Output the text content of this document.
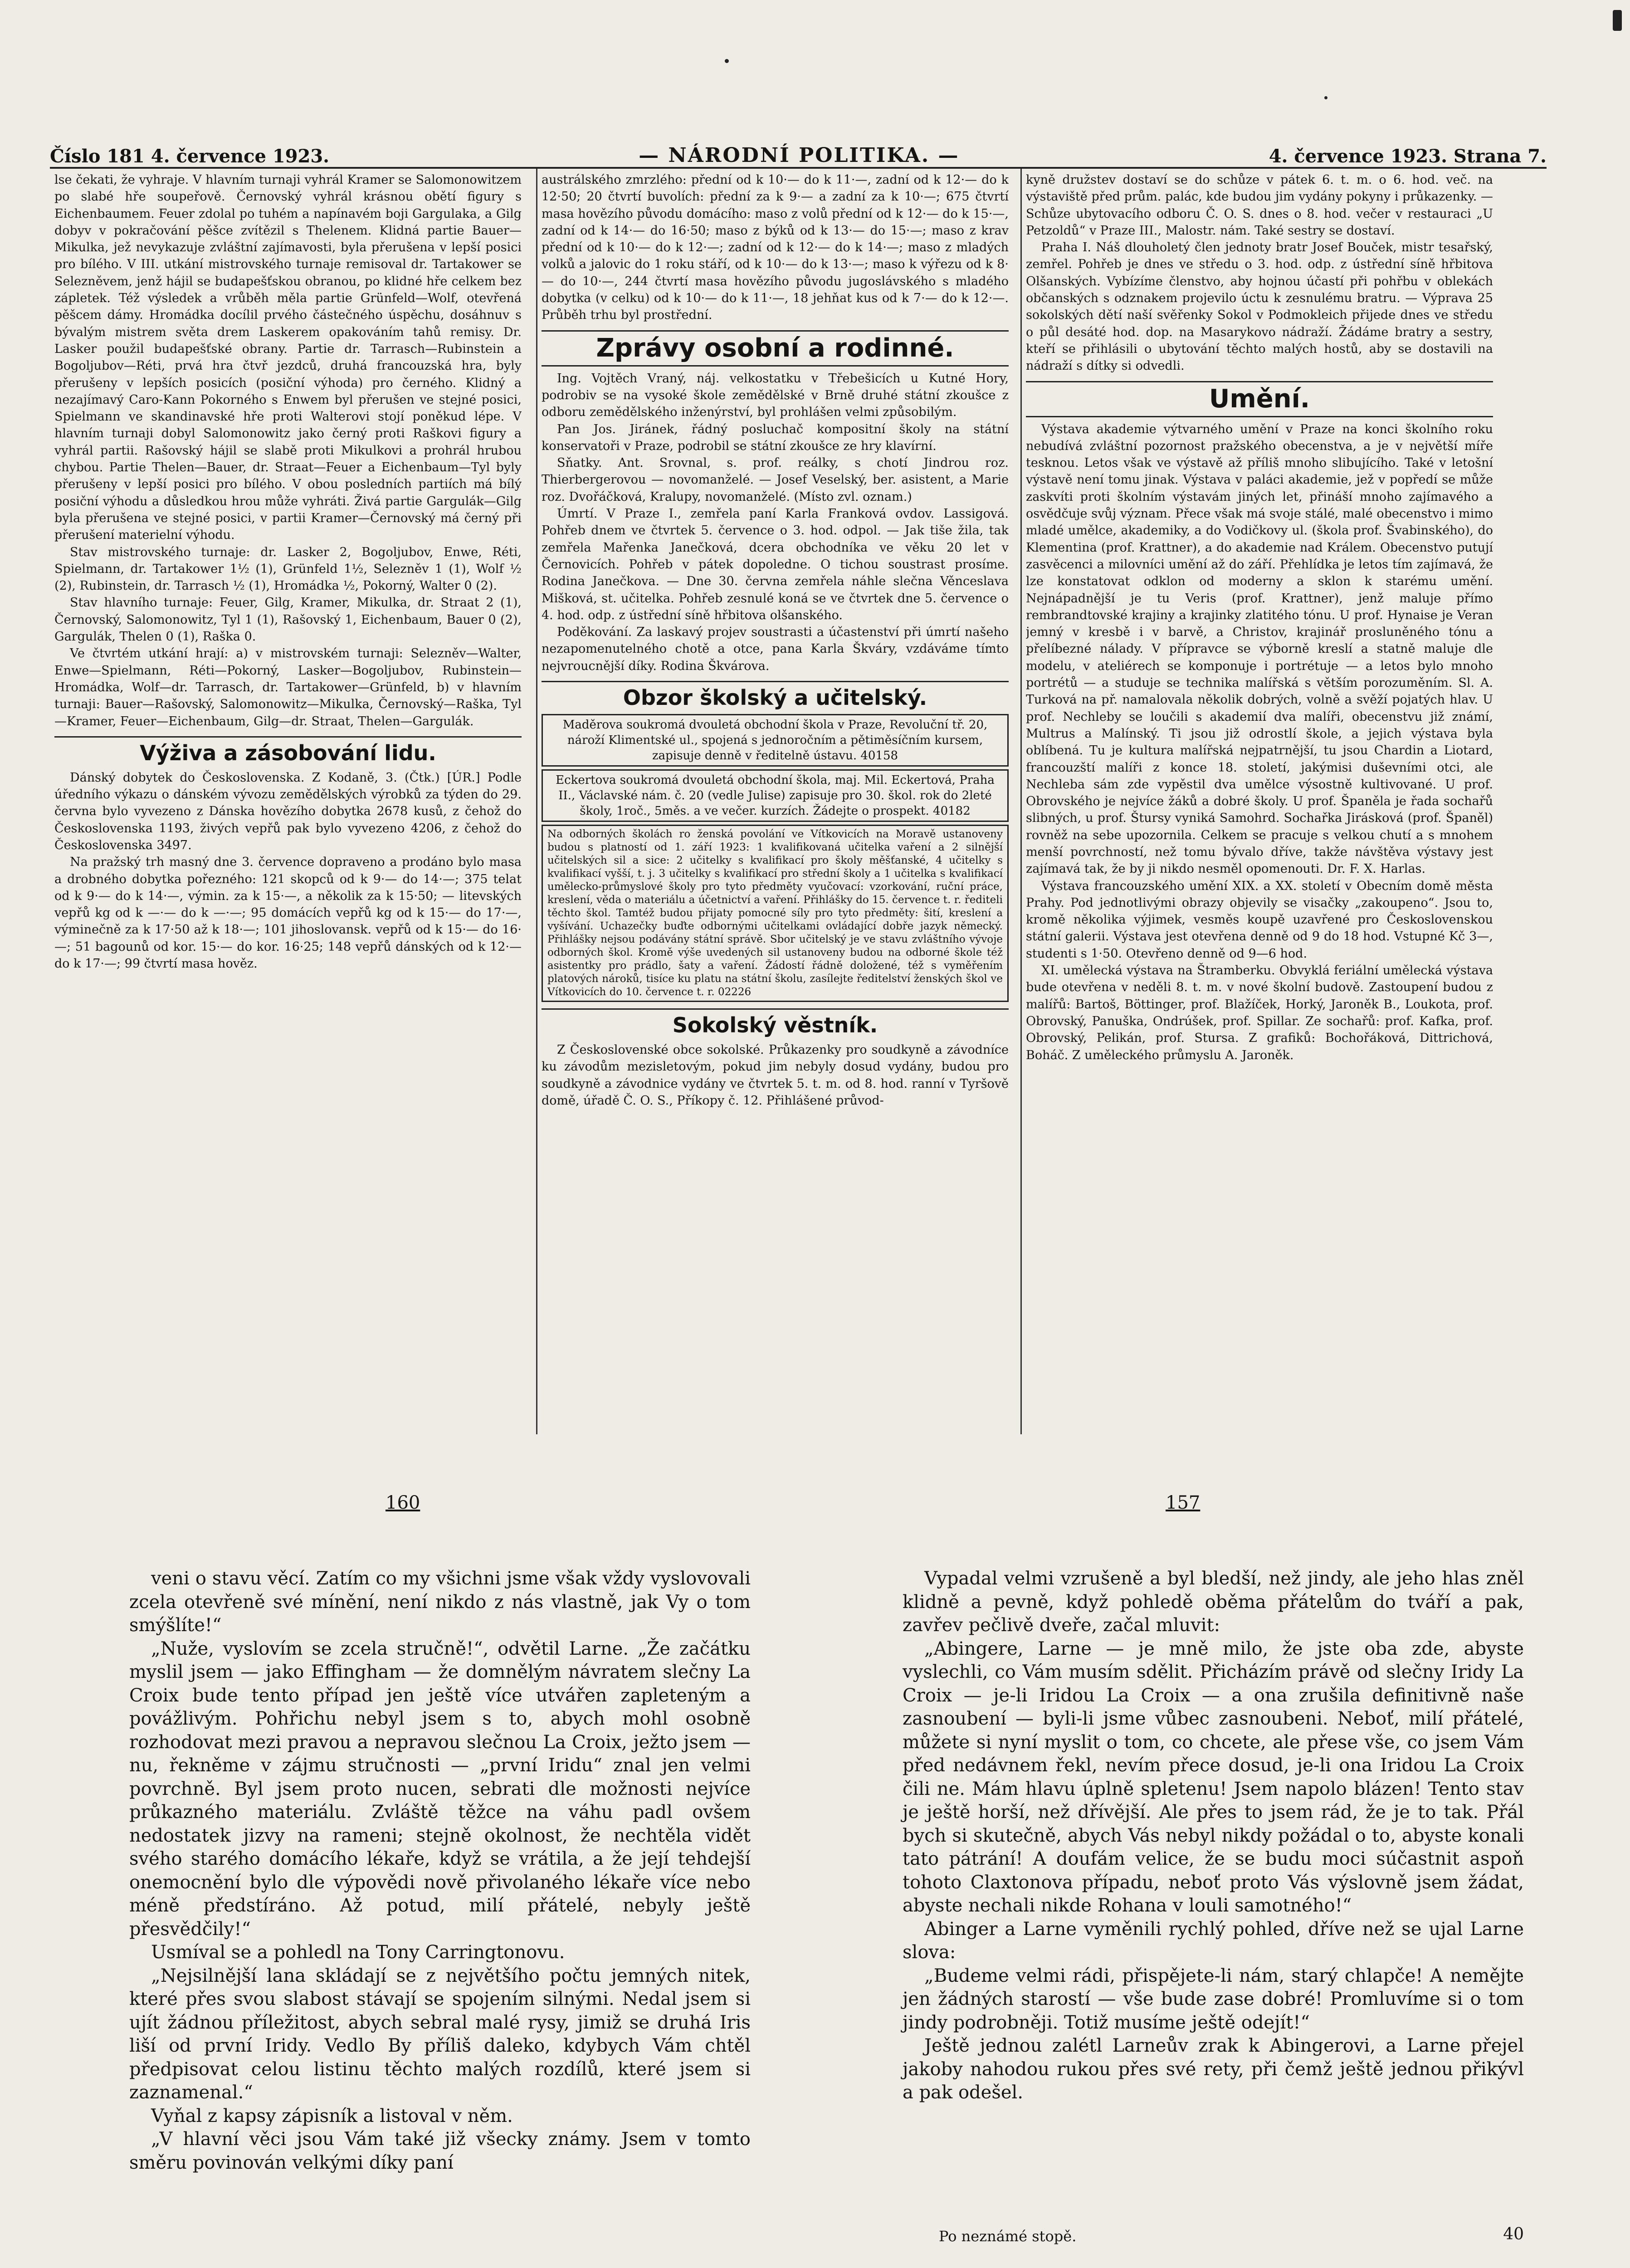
Číslo 181 4. července 1923.	— NÁRODNÍ POLITIKA. —	4. července 1923. Strana 7.

lse čekati, že vyhraje. V hlavním turnaji vyhrál Kramer se Salomonowitzem po slabé hře soupeřově. Černovský vyhrál krásnou obětí figury s Eichenbaumem. Feuer zdolal po tuhém a napínavém boji Gargulaka, a Gilg dobyv v pokračování pěšce zvítězil s Thelenem. Klidná partie Bauer—Mikulka, jež nevykazuje zvláštní zajímavosti, byla přerušena v lepší posici pro bílého. V III. utkání mistrovského turnaje remisoval dr. Tartakower se Selezněvem, jenž hájil se budapešťskou obranou, po klidné hře celkem bez zápletek. Též výsledek a vrůběh měla partie Grünfeld—Wolf, otevřená pěšcem dámy. Hromádka docílil prvého částečného úspěchu, dosáhnuv s bývalým mistrem světa drem Laskerem opakováním tahů remisy. Dr. Lasker použil budapešťské obrany. Partie dr. Tarrasch—Rubinstein a Bogoljubov—Réti, prvá hra čtvř jezdců, druhá francouzská hra, byly přerušeny v lepších posicích (posiční výhoda) pro černého. Klidný a nezajímavý Caro-Kann Pokorného s Enwem byl přerušen ve stejné posici, Spielmann ve skandinavské hře proti Walterovi stojí poněkud lépe. V hlavním turnaji dobyl Salomonowitz jako černý proti Raškovi figury a vyhrál partii. Rašovský hájil se slabě proti Mikulkovi a prohrál hrubou chybou. Partie Thelen—Bauer, dr. Straat—Feuer a Eichenbaum—Tyl byly přerušeny v lepší posici pro bílého. V obou posledních partiích má bílý posiční výhodu a důsledkou hrou může vyhráti. Živá partie Gargulák—Gilg byla přerušena ve stejné posici, v partii Kramer—Černovský má černý při přerušení materielní výhodu.

Stav mistrovského turnaje: dr. Lasker 2, Bogoljubov, Enwe, Réti, Spielmann, dr. Tartakower 1½ (1), Grünfeld 1½, Selezněv 1 (1), Wolf ½ (2), Rubinstein, dr. Tarrasch ½ (1), Hromádka ½, Pokorný, Walter 0 (2).

Stav hlavního turnaje: Feuer, Gilg, Kramer, Mikulka, dr. Straat 2 (1), Černovský, Salomonowitz, Tyl 1 (1), Rašovský 1, Eichenbaum, Bauer 0 (2), Gargulák, Thelen 0 (1), Raška 0.

Ve čtvrtém utkání hrají: a) v mistrovském turnaji: Selezněv—Walter, Enwe—Spielmann, Réti—Pokorný, Lasker—Bogoljubov, Rubinstein—Hromádka, Wolf—dr. Tarrasch, dr. Tartakower—Grünfeld, b) v hlavním turnaji: Bauer—Rašovský, Salomonowitz—Mikulka, Černovský—Raška, Tyl—Kramer, Feuer—Eichenbaum, Gilg—dr. Straat, Thelen—Gargulák.

Výživa a zásobování lidu.

Dánský dobytek do Československa. Z Kodaně, 3. (Čtk.) [ÚR.] Podle úředního výkazu o dánském vývozu zemědělských výrobků za týden do 29. června bylo vyvezeno z Dánska hovězího dobytka 2678 kusů, z čehož do Československa 1193, živých vepřů pak bylo vyvezeno 4206, z čehož do Československa 3497.

Na pražský trh masný dne 3. července dopraveno a prodáno bylo masa a drobného dobytka pořezného: 121 skopců od k 9·— do 14·—; 375 telat od k 9·— do k 14·—, výmin. za k 15·—, a několik za k 15·50; — litevských vepřů kg od k —·— do k —·—; 95 domácích vepřů kg od k 15·— do 17·—, výminečně za k 17·50 až k 18·—; 101 jihoslovansk. vepřů od k 15·— do 16·—; 51 bagounů od kor. 15·— do kor. 16·25; 148 vepřů dánských od k 12·— do k 17·—; 99 čtvrtí masa hověz.

austrálského zmrzlého: přední od k 10·— do k 11·—, zadní od k 12·— do k 12·50; 20 čtvrtí buvolích: přední za k 9·— a zadní za k 10·—; 675 čtvrtí masa hovězího původu domácího: maso z volů přední od k 12·— do k 15·—, zadní od k 14·— do 16·50; maso z býků od k 13·— do 15·—; maso z krav přední od k 10·— do k 12·—; zadní od k 12·— do k 14·—; maso z mladých volků a jalovic do 1 roku stáří, od k 10·— do k 13·—; maso k výřezu od k 8·— do 10·—, 244 čtvrtí masa hovězího původu jugoslávského s mladého dobytka (v celku) od k 10·— do k 11·—, 18 jehňat kus od k 7·— do k 12·—. Průběh trhu byl prostřední.

Zprávy osobní a rodinné.

Ing. Vojtěch Vraný, náj. velkostatku v Třebešicích u Kutné Hory, podrobiv se na vysoké škole zemědělské v Brně druhé státní zkoušce z odboru zemědělského inženýrství, byl prohlášen velmi způsobilým.

Pan Jos. Jiránek, řádný posluchač kompositní školy na státní konservatoři v Praze, podrobil se státní zkoušce ze hry klavírní.

Sňatky. Ant. Srovnal, s. prof. reálky, s chotí Jindrou roz. Thierbergerovou — novomanželé. — Josef Veselský, ber. asistent, a Marie roz. Dvořáčková, Kralupy, novomanželé. (Místo zvl. oznam.)

Úmrtí. V Praze I., zemřela paní Karla Franková ovdov. Lassigová. Pohřeb dnem ve čtvrtek 5. července o 3. hod. odpol. — Jak tiše žila, tak zemřela Mařenka Janečková, dcera obchodníka ve věku 20 let v Černovicích. Pohřeb v pátek dopoledne. O tichou soustrast prosíme. Rodina Janečkova. — Dne 30. června zemřela náhle slečna Věnceslava Mišková, st. učitelka. Pohřeb zesnulé koná se ve čtvrtek dne 5. července o 4. hod. odp. z ústřední síně hřbitova olšanského.

Poděkování. Za laskavý projev soustrasti a účastenství při úmrtí našeho nezapomenutelného chotě a otce, pana Karla Škváry, vzdáváme tímto nejvroucnější díky. Rodina Škvárova.

Obzor školský a učitelský.
Maděrova soukromá dvouletá obchodní škola v Praze, Revoluční tř. 20, nároží Klimentské ul., spojená s jednoročním a pětiměsíčním kursem, zapisuje denně v ředitelně ústavu. 40158
Eckertova soukromá dvouletá obchodní škola, maj. Mil. Eckertová, Praha II., Václavské nám. č. 20 (vedle Julise) zapisuje pro 30. škol. rok do 2leté školy, 1roč., 5měs. a ve večer. kurzích. Žádejte o prospekt. 40182
Na odborných školách ro ženská povolání ve Vítkovicích na Moravě ustanoveny budou s platností od 1. září 1923: 1 kvalifikovaná učitelka vaření a 2 silnější učitelských sil a sice: 2 učitelky s kvalifikací pro školy měšťanské, 4 učitelky s kvalifikací vyšší, t. j. 3 učitelky s kvalifikací pro střední školy a 1 učitelka s kvalifikací umělecko-průmyslové školy pro tyto předměty vyučovací: vzorkování, ruční práce, kreslení, věda o materiálu a účetnictví a vaření. Přihlášky do 15. července t. r. řediteli těchto škol. Tamtéž budou přijaty pomocné síly pro tyto předměty: šití, kreslení a vyšívání. Uchazečky buďte odbornými učitelkami ovládající dobře jazyk německý. Přihlášky nejsou podávány státní správě. Sbor učitelský je ve stavu zvláštního vývoje odborných škol. Kromě výše uvedených sil ustanoveny budou na odborné škole též asistentky pro prádlo, šaty a vaření. Žádostí řádně doložené, též s vyměřením platových nároků, tisíce ku platu na státní školu, zasílejte ředitelství ženských škol ve Vítkovicích do 10. července t. r. 02226
Sokolský věstník.

Z Československé obce sokolské. Průkazenky pro soudkyně a závodníce ku závodům mezisletovým, pokud jim nebyly dosud vydány, budou pro soudkyně a závodnice vydány ve čtvrtek 5. t. m. od 8. hod. ranní v Tyršově domě, úřadě Č. O. S., Příkopy č. 12. Přihlášené průvod-

kyně družstev dostaví se do schůze v pátek 6. t. m. o 6. hod. več. na výstaviště před prům. palác, kde budou jim vydány pokyny i průkazenky. — Schůze ubytovacího odboru Č. O. S. dnes o 8. hod. večer v restauraci „U Petzoldů“ v Praze III., Malostr. nám. Také sestry se dostaví.

Praha I. Náš dlouholetý člen jednoty bratr Josef Bouček, mistr tesařský, zemřel. Pohřeb je dnes ve středu o 3. hod. odp. z ústřední síně hřbitova Olšanských. Vybízíme členstvo, aby hojnou účastí při pohřbu v oblekách občanských s odznakem projevilo úctu k zesnulému bratru. — Výprava 25 sokolských dětí naší svěřenky Sokol v Podmokleich přijede dnes ve středu o půl desáté hod. dop. na Masarykovo nádraží. Žádáme bratry a sestry, kteří se přihlásili o ubytování těchto malých hostů, aby se dostavili na nádraží s dítky si odvedli.

Umění.

Výstava akademie výtvarného umění v Praze na konci školního roku nebudívá zvláštní pozornost pražského obecenstva, a je v největší míře tesknou. Letos však ve výstavě až příliš mnoho slibujícího. Také v letošní výstavě není tomu jinak. Výstava v paláci akademie, jež v popředí se může zaskvíti proti školním výstavám jiných let, přináší mnoho zajímavého a osvědčuje svůj význam. Přece však má svoje stálé, malé obecenstvo i mimo mladé umělce, akademiky, a do Vodičkovy ul. (škola prof. Švabinského), do Klementina (prof. Krattner), a do akademie nad Králem. Obecenstvo putují zasvěcenci a milovníci umění až do září. Přehlídka je letos tím zajímavá, že lze konstatovat odklon od moderny a sklon k starému umění. Nejnápadnější je tu Veris (prof. Krattner), jenž maluje přímo rembrandtovské krajiny a krajinky zlatitého tónu. U prof. Hynaise je Veran jemný v kresbě i v barvě, a Christov, krajinář prosluněného tónu a přelíbezné nálady. V přípravce se výborně kreslí a statně maluje dle modelu, v ateliérech se komponuje i portrétuje — a letos bylo mnoho portrétů — a studuje se technika malířská s větším porozuměním. Sl. A. Turková na př. namalovala několik dobrých, volně a svěží pojatých hlav. U prof. Nechleby se loučili s akademií dva malíři, obecenstvu již známí, Multrus a Malínský. Ti jsou již odrostlí škole, a jejich výstava byla oblíbená. Tu je kultura malířská nejpatrnější, tu jsou Chardin a Liotard, francouzští malíři z konce 18. století, jakýmisi duševními otci, ale Nechleba sám zde vypěstil dva umělce výsostně kultivované. U prof. Obrovského je nejvíce žáků a dobré školy. U prof. Španěla je řada sochařů slibných, u prof. Štursy vyniká Samohrd. Sochařka Jirásková (prof. Španěl) rovněž na sebe upozornila. Celkem se pracuje s velkou chutí a s mnohem menší povrchností, než tomu bývalo dříve, takže návštěva výstavy jest zajímavá tak, že by ji nikdo nesměl opomenouti. Dr. F. X. Harlas.

Výstava francouzského umění XIX. a XX. století v Obecním domě města Prahy. Pod jednotlivými obrazy objevily se visačky „zakoupeno“. Jsou to, kromě několika výjimek, vesměs koupě uzavřené pro Československou státní galerii. Výstava jest otevřena denně od 9 do 18 hod. Vstupné Kč 3—, studenti s 1·50. Otevřeno denně od 9—6 hod.

XI. umělecká výstava na Štramberku. Obvyklá feriální umělecká výstava bude otevřena v neděli 8. t. m. v nové školní budově. Zastoupení budou z malířů: Bartoš, Böttinger, prof. Blažíček, Horký, Jaroněk B., Loukota, prof. Obrovský, Panuška, Ondrúšek, prof. Spillar. Ze sochařů: prof. Kafka, prof. Obrovský, Pelikán, prof. Stursa. Z grafiků: Bochořáková, Dittrichová, Boháč. Z uměleckého průmyslu A. Jaroněk.

160	157

veni o stavu věcí. Zatím co my všichni jsme však vždy vyslovovali zcela otevřeně své mínění, není nikdo z nás vlastně, jak Vy o tom smýšlíte!“

„Nuže, vyslovím se zcela stručně!“, odvětil Larne. „Že začátku myslil jsem — jako Effingham — že domnělým návratem slečny La Croix bude tento případ jen ještě více utvářen zapleteným a povážlivým. Pohřichu nebyl jsem s to, abych mohl osobně rozhodovat mezi pravou a nepravou slečnou La Croix, ježto jsem — nu, řekněme v zájmu stručnosti — „první Iridu“ znal jen velmi povrchně. Byl jsem proto nucen, sebrati dle možnosti nejvíce průkazného materiálu. Zvláště těžce na váhu padl ovšem nedostatek jizvy na rameni; stejně okolnost, že nechtěla vidět svého starého domácího lékaře, když se vrátila, a že její tehdejší onemocnění bylo dle výpovědi nově přivolaného lékaře více nebo méně předstíráno. Až potud, milí přátelé, nebyly ještě přesvědčily!“

Usmíval se a pohledl na Tony Carringtonovu.

„Nejsilnější lana skládají se z největšího počtu jemných nitek, které přes svou slabost stávají se spojením silnými. Nedal jsem si ujít žádnou příležitost, abych sebral malé rysy, jimiž se druhá Iris liší od první Iridy. Vedlo By příliš daleko, kdybych Vám chtěl předpisovat celou listinu těchto malých rozdílů, které jsem si zaznamenal.“

Vyňal z kapsy zápisník a listoval v něm.

„V hlavní věci jsou Vám také již všecky známy. Jsem v tomto směru povinován velkými díky paní

Vypadal velmi vzrušeně a byl bledší, než jindy, ale jeho hlas zněl klidně a pevně, když pohledě oběma přátelům do tváří a pak, zavřev pečlivě dveře, začal mluvit:

„Abingere, Larne — je mně milo, že jste oba zde, abyste vyslechli, co Vám musím sdělit. Přicházím právě od slečny Iridy La Croix — je-li Iridou La Croix — a ona zrušila definitivně naše zasnoubení — byli-li jsme vůbec zasnoubeni. Neboť, milí přátelé, můžete si nyní myslit o tom, co chcete, ale přese vše, co jsem Vám před nedávnem řekl, nevím přece dosud, je-li ona Iridou La Croix čili ne. Mám hlavu úplně spletenu! Jsem napolo blázen! Tento stav je ještě horší, než dřívější. Ale přes to jsem rád, že je to tak. Přál bych si skutečně, abych Vás nebyl nikdy požádal o to, abyste konali tato pátrání! A doufám velice, že se budu moci súčastnit aspoň tohoto Claxtonova případu, neboť proto Vás výslovně jsem žádat, abyste nechali nikde Rohana v louli samotného!“

Abinger a Larne vyměnili rychlý pohled, dříve než se ujal Larne slova:

„Budeme velmi rádi, přispějete-li nám, starý chlapče! A nemějte jen žádných starostí — vše bude zase dobré! Promluvíme si o tom jindy podrobněji. Totiž musíme ještě odejít!“

Ještě jednou zalétl Larneův zrak k Abingerovi, a Larne přejel jakoby nahodou rukou přes své rety, při čemž ještě jednou přikývl a pak odešel.

Po neznámé stopě.	40
